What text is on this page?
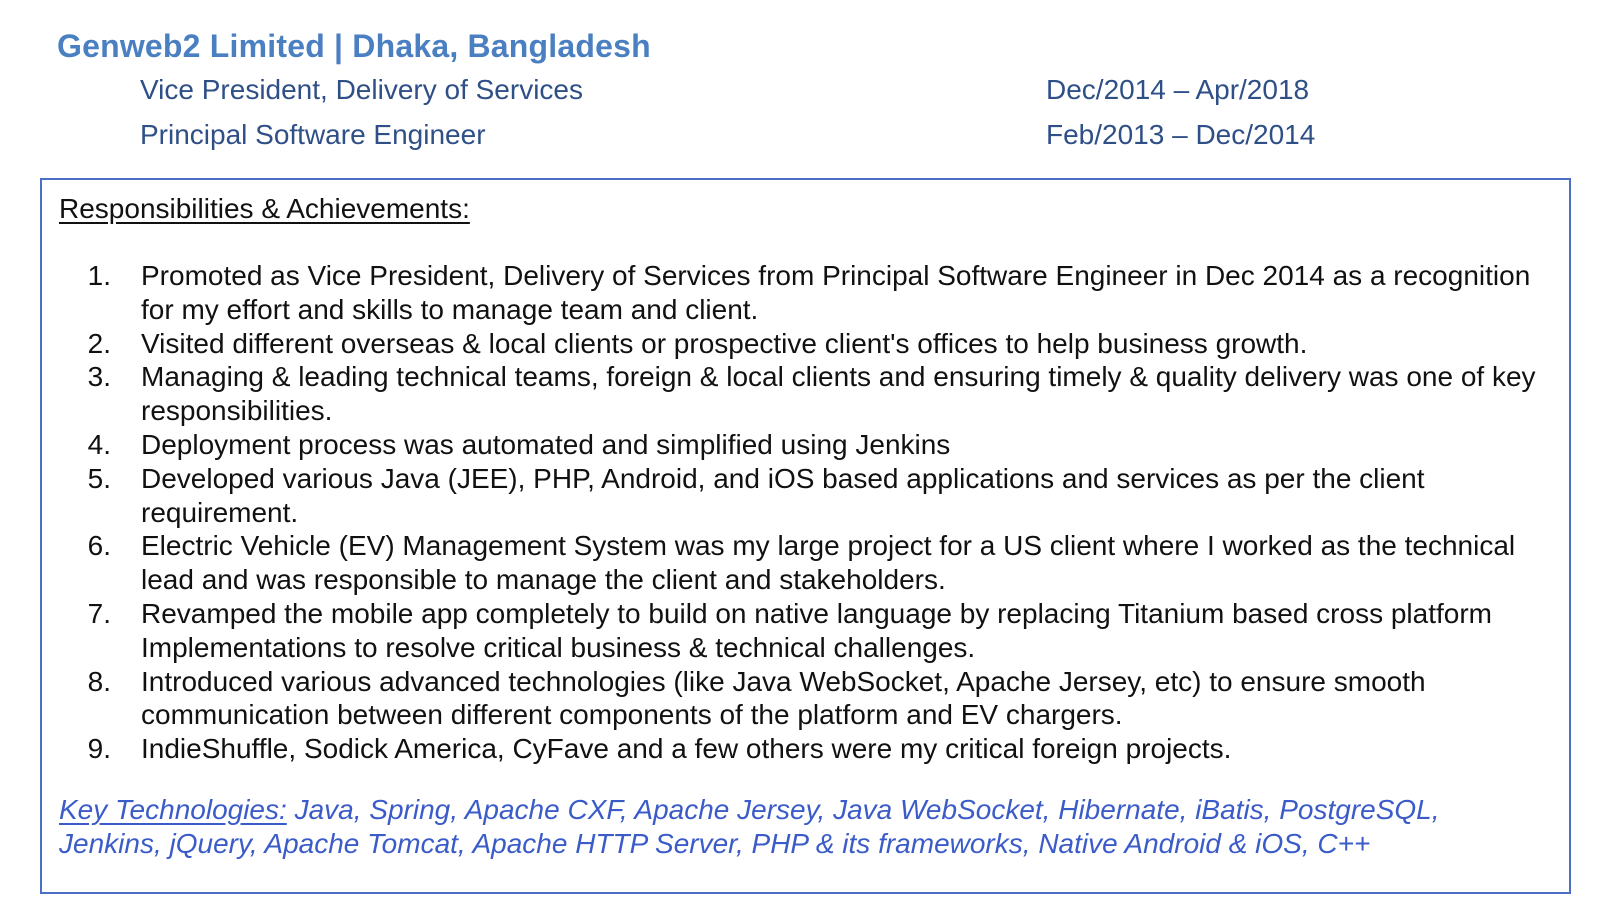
Genweb2 Limited | Dhaka, Bangladesh
Vice President, Delivery of Services	Dec/2014 – Apr/2018
Principal Software Engineer	Feb/2013 – Dec/2014
Responsibilities & Achievements:
1. Promoted as Vice President, Delivery of Services from Principal Software Engineer in Dec 2014 as a recognition for my effort and skills to manage team and client.
2. Visited different overseas & local clients or prospective client's offices to help business growth.
3. Managing & leading technical teams, foreign & local clients and ensuring timely & quality delivery was one of key responsibilities.
4. Deployment process was automated and simplified using Jenkins
5. Developed various Java (JEE), PHP, Android, and iOS based applications and services as per the client requirement.
6. Electric Vehicle (EV) Management System was my large project for a US client where I worked as the technical lead and was responsible to manage the client and stakeholders.
7. Revamped the mobile app completely to build on native language by replacing Titanium based cross platform Implementations to resolve critical business & technical challenges.
8. Introduced various advanced technologies (like Java WebSocket, Apache Jersey, etc) to ensure smooth communication between different components of the platform and EV chargers.
9. IndieShuffle, Sodick America, CyFave and a few others were my critical foreign projects.
Key Technologies: Java, Spring, Apache CXF, Apache Jersey, Java WebSocket, Hibernate, iBatis, PostgreSQL, Jenkins, jQuery, Apache Tomcat, Apache HTTP Server, PHP & its frameworks, Native Android & iOS, C++
